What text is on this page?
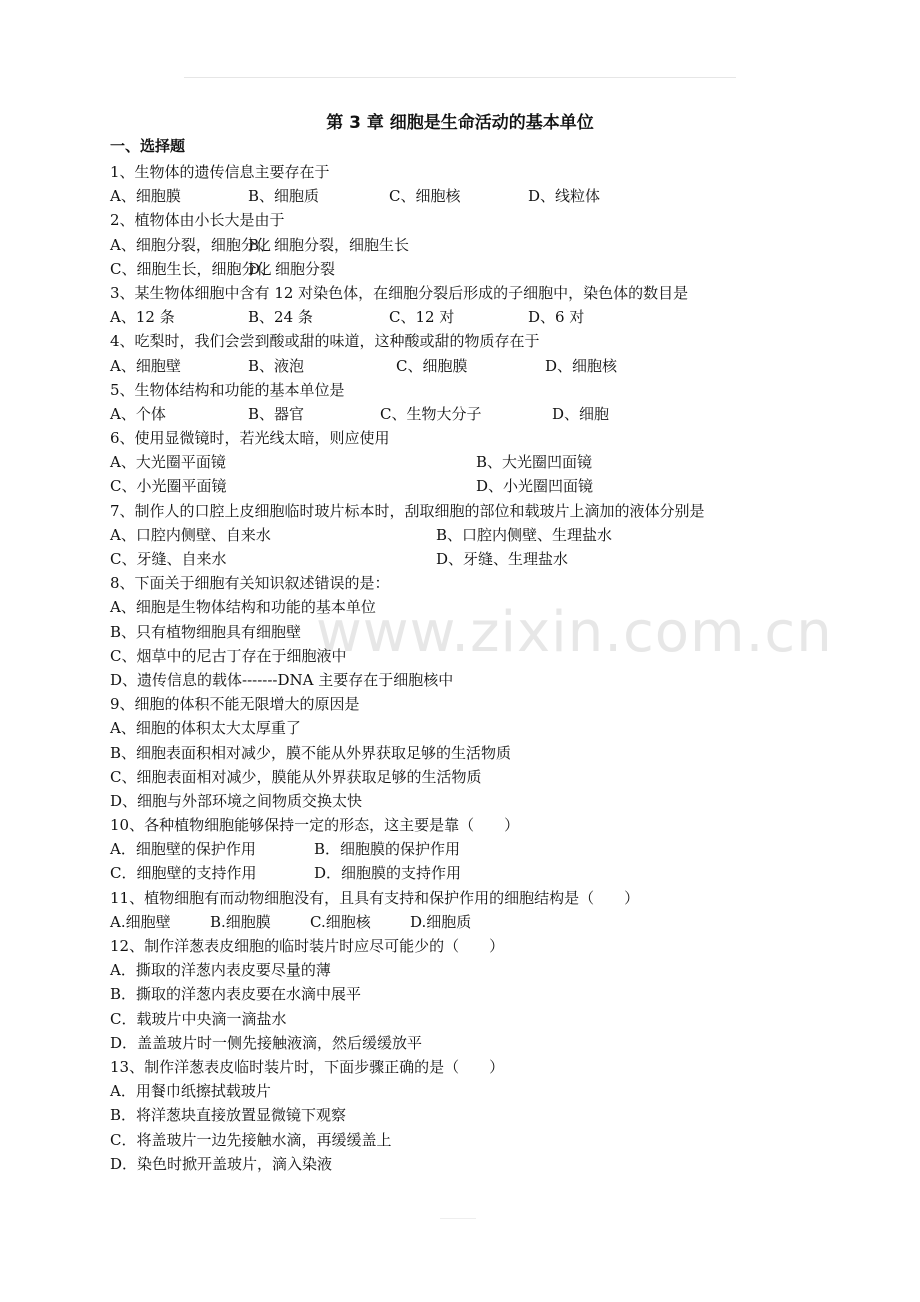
www.zixin.com.cn
第 3 章 细胞是生命活动的基本单位
一、选择题
1、生物体的遗传信息主要存在于
A、细胞膜	B、细胞质	C、细胞核	D、线粒体
2、植物体由小长大是由于
A、细胞分裂，细胞分化
B、细胞分裂，细胞生长
C、细胞生长，细胞分化
D、细胞分裂
3、某生物体细胞中含有 12 对染色体，在细胞分裂后形成的子细胞中，染色体的数目是
A、12 条	B、24 条	C、12 对	D、6 对
4、吃梨时，我们会尝到酸或甜的味道，这种酸或甜的物质存在于
A、细胞壁	B、液泡	C、细胞膜	D、细胞核
5、生物体结构和功能的基本单位是
A、个体	B、器官	C、生物大分子	D、细胞
6、使用显微镜时，若光线太暗，则应使用
A、大光圈平面镜	B、大光圈凹面镜
C、小光圈平面镜	D、小光圈凹面镜
7、制作人的口腔上皮细胞临时玻片标本时，刮取细胞的部位和载玻片上滴加的液体分别是
A、口腔内侧壁、自来水	B、口腔内侧壁、生理盐水
C、牙缝、自来水	D、牙缝、生理盐水
8、下面关于细胞有关知识叙述错误的是：
A、细胞是生物体结构和功能的基本单位
B、只有植物细胞具有细胞壁
C、烟草中的尼古丁存在于细胞液中
D、遗传信息的载体-------DNA 主要存在于细胞核中
9、细胞的体积不能无限增大的原因是
A、细胞的体积太大太厚重了
B、细胞表面积相对减少，膜不能从外界获取足够的生活物质
C、细胞表面相对减少，膜能从外界获取足够的生活物质
D、细胞与外部环境之间物质交换太快
10、各种植物细胞能够保持一定的形态，这主要是靠（　　）
A．细胞壁的保护作用	B．细胞膜的保护作用
C．细胞壁的支持作用	D．细胞膜的支持作用
11、植物细胞有而动物细胞没有，且具有支持和保护作用的细胞结构是（　　）
A.细胞壁	B.细胞膜	C.细胞核	D.细胞质
12、制作洋葱表皮细胞的临时装片时应尽可能少的（　　）
A．撕取的洋葱内表皮要尽量的薄
B．撕取的洋葱内表皮要在水滴中展平
C．载玻片中央滴一滴盐水
D．盖盖玻片时一侧先接触液滴，然后缓缓放平
13、制作洋葱表皮临时装片时，下面步骤正确的是（　　）
A．用餐巾纸擦拭载玻片
B．将洋葱块直接放置显微镜下观察
C．将盖玻片一边先接触水滴，再缓缓盖上
D．染色时掀开盖玻片，滴入染液
